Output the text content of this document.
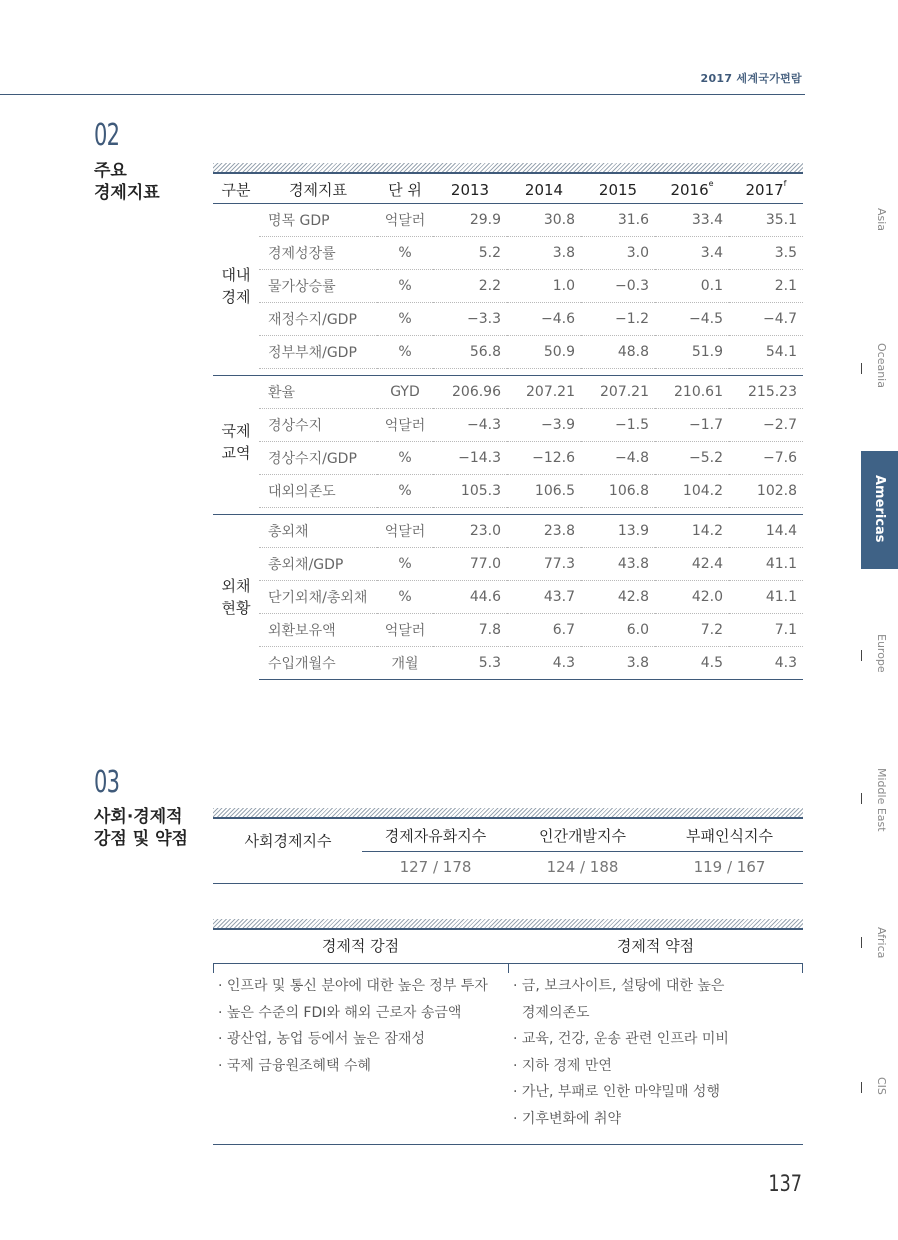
2017 세계국가편람
02
주요
경제지표	구분	경제지표	단 위	2013	2014	2015	2016e	2017$^f$

대내
경제	명목 GDP	억달러	29.9	30.8	31.6	33.4	35.1
	경제성장률	%	5.2	3.8	3.0	3.4	3.5
	물가상승률	%	2.2	1.0	−0.3	0.1	2.1
	재정수지/GDP	%	−3.3	−4.6	−1.2	−4.5	−4.7
	정부부채/GDP	%	56.8	50.9	48.8	51.9	54.1

국제
교역	환율	GYD	206.96	207.21	207.21	210.61	215.23
	경상수지	억달러	−4.3	−3.9	−1.5	−1.7	−2.7
	경상수지/GDP	%	−14.3	−12.6	−4.8	−5.2	−7.6
	대외의존도	%	105.3	106.5	106.8	104.2	102.8

외채
현황	총외채	억달러	23.0	23.8	13.9	14.2	14.4
	총외채/GDP	%	77.0	77.3	43.8	42.4	41.1
	단기외채/총외채	%	44.6	43.7	42.8	42.0	41.1
	외환보유액	억달러	7.8	6.7	6.0	7.2	7.1
	수입개월수	개월	5.3	4.3	3.8	4.5	4.3
03
사회·경제적
강점 및 약점	사회경제지수	경제자유화지수	인간개발지수	부패인식지수
127 / 178	124 / 188	119 / 167
경제적 강점	경제적 약점
· 인프라 및 통신 분야에 대한 높은 정부 투자
· 높은 수준의 FDI와 해외 근로자 송금액
· 광산업, 농업 등에서 높은 잠재성
· 국제 금융원조혜택 수혜
· 금, 보크사이트, 설탕에 대한 높은
경제의존도
· 교육, 건강, 운송 관련 인프라 미비
· 지하 경제 만연
· 가난, 부패로 인한 마약밀매 성행
· 기후변화에 취약
Asia
Oceania
Americas
Europe
Middle East
Africa
CIS
137
